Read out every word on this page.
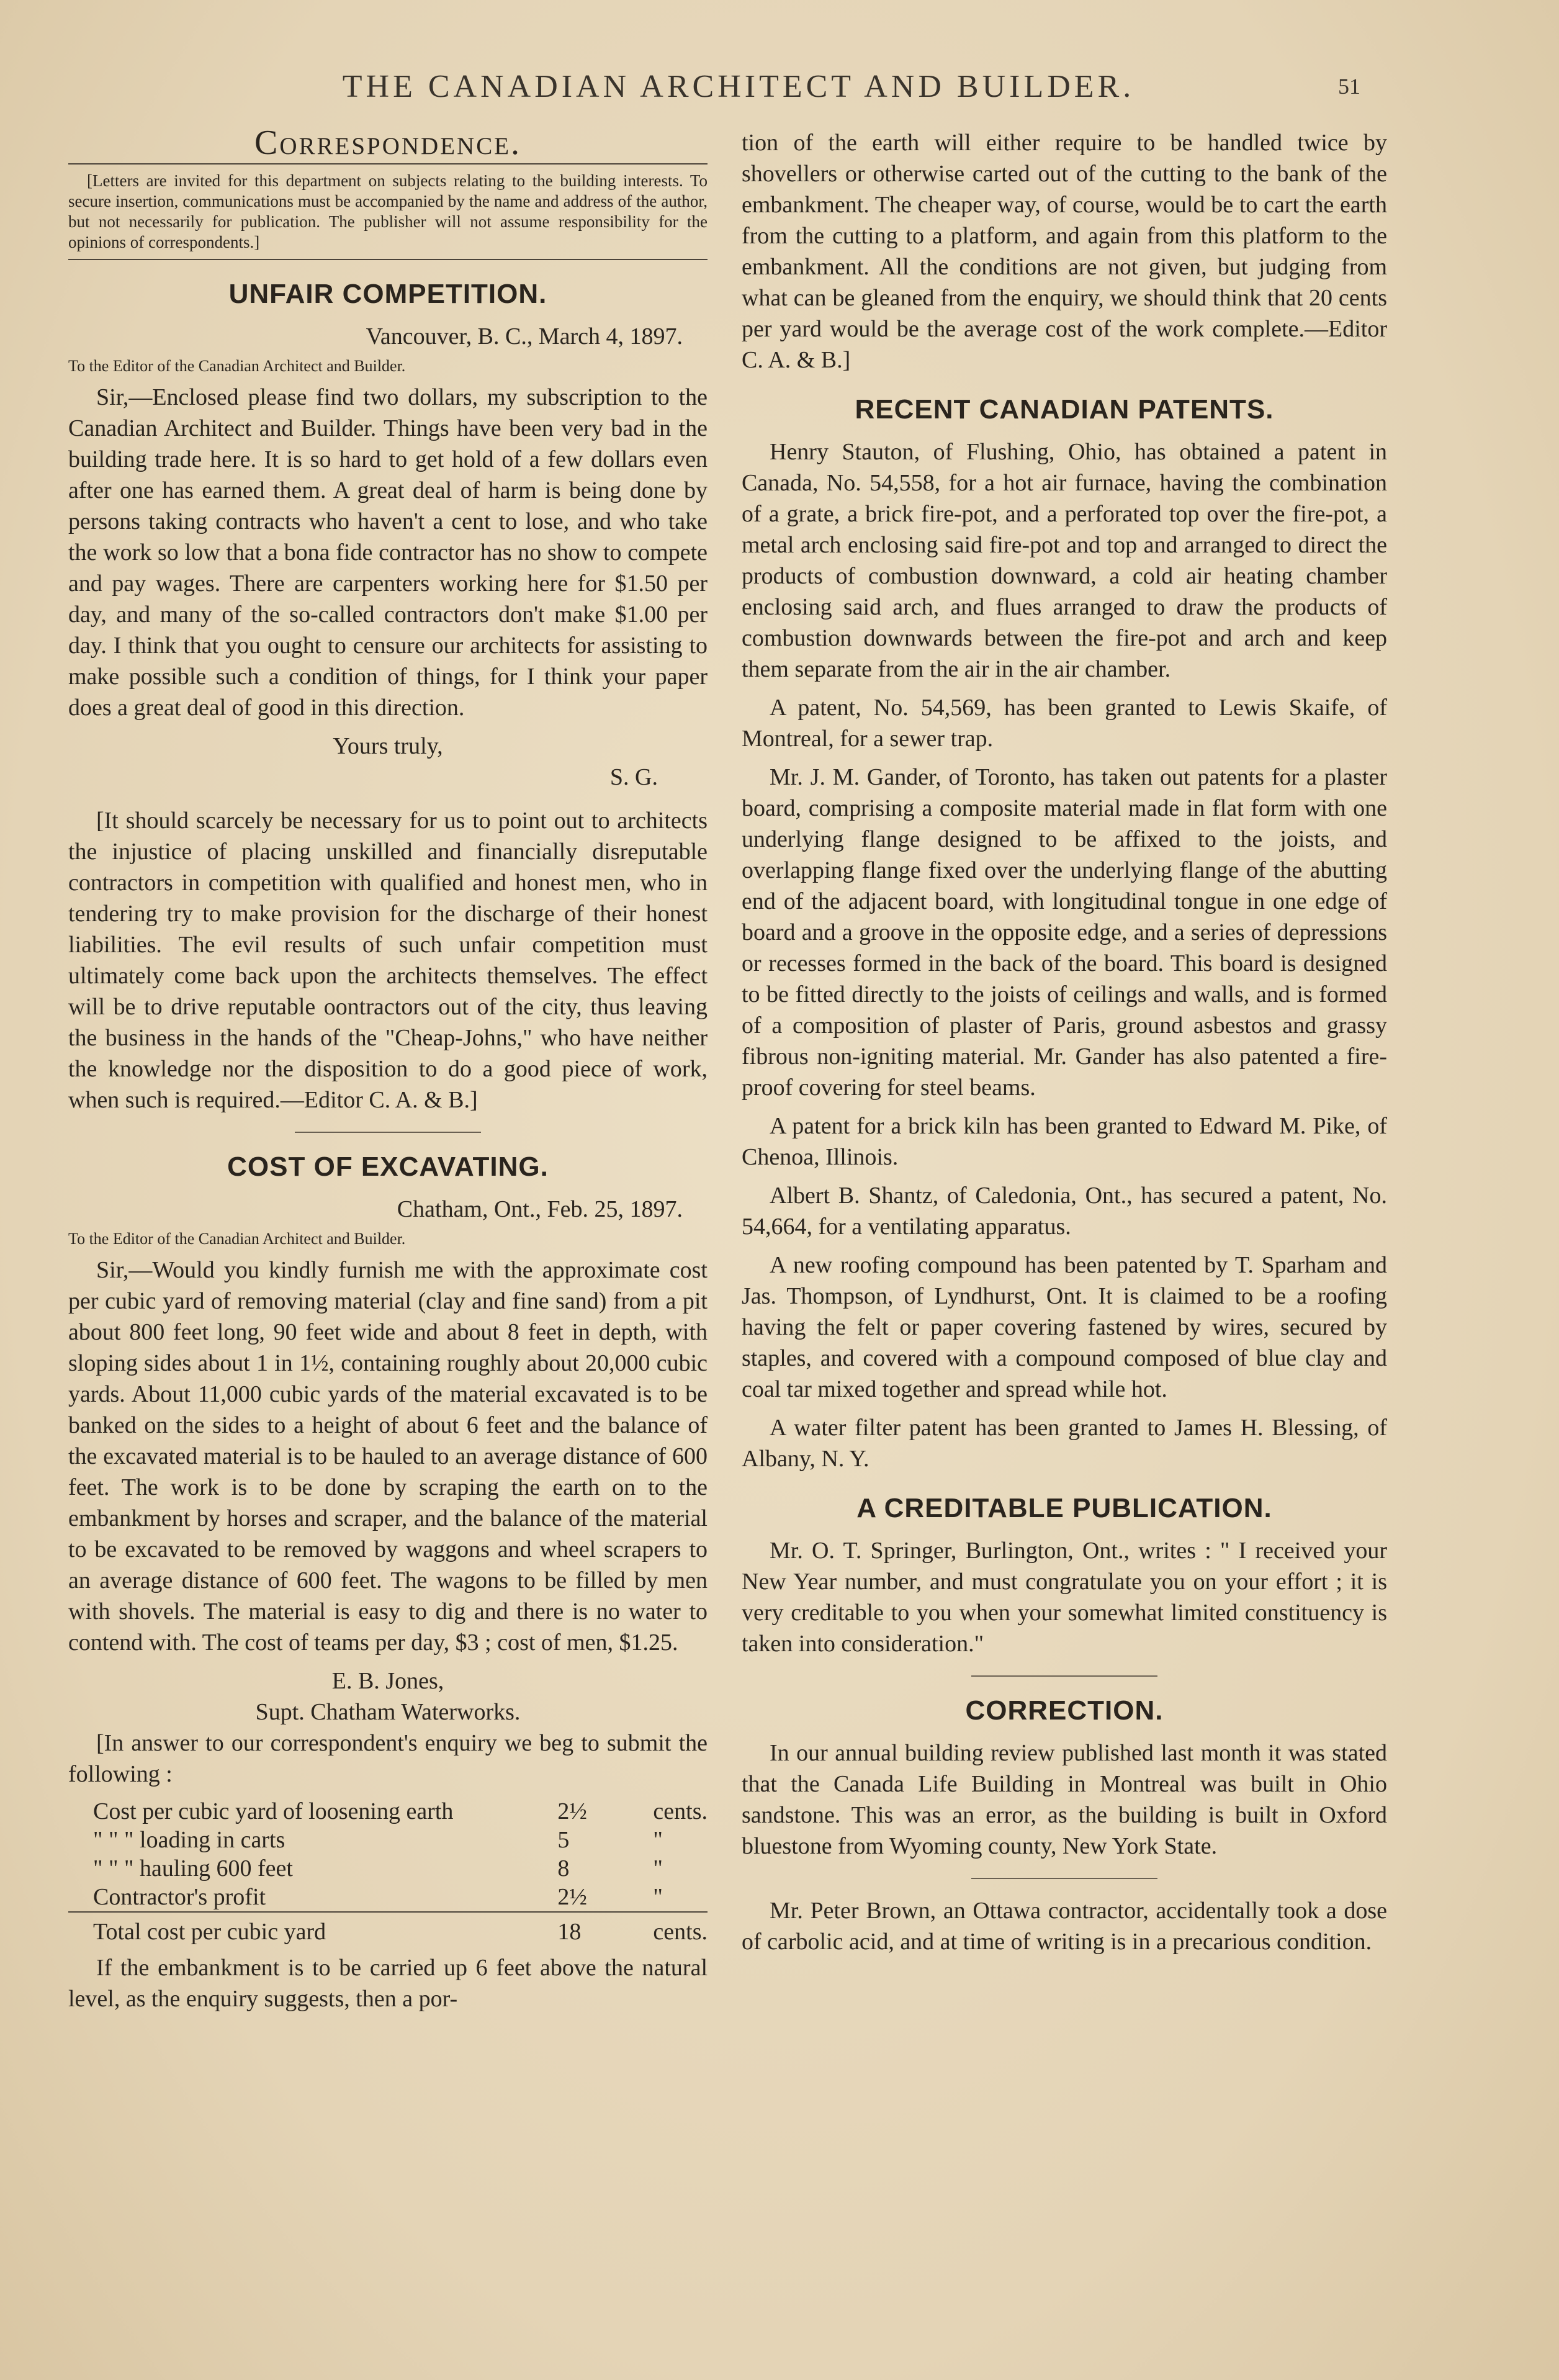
THE CANADIAN ARCHITECT AND BUILDER.	51
Correspondence.
[Letters are invited for this department on subjects relating to the building interests. To secure insertion, communications must be accompanied by the name and address of the author, but not necessarily for publication. The publisher will not assume responsibility for the opinions of correspondents.]
UNFAIR COMPETITION.

Vancouver, B. C., March 4, 1897.

To the Editor of the Canadian Architect and Builder.

Sir,—Enclosed please find two dollars, my subscription to the Canadian Architect and Builder. Things have been very bad in the building trade here. It is so hard to get hold of a few dollars even after one has earned them. A great deal of harm is being done by persons taking contracts who haven't a cent to lose, and who take the work so low that a bona fide contractor has no show to compete and pay wages. There are carpenters working here for $1.50 per day, and many of the so-called contractors don't make $1.00 per day. I think that you ought to censure our architects for assisting to make possible such a condition of things, for I think your paper does a great deal of good in this direction.

Yours truly,

S. G.

[It should scarcely be necessary for us to point out to architects the injustice of placing unskilled and financially disreputable contractors in competition with qualified and honest men, who in tendering try to make provision for the discharge of their honest liabilities. The evil results of such unfair competition must ultimately come back upon the architects themselves. The effect will be to drive reputable oontractors out of the city, thus leaving the business in the hands of the "Cheap-Johns," who have neither the knowledge nor the disposition to do a good piece of work, when such is required.—Editor C. A. & B.]

COST OF EXCAVATING.

Chatham, Ont., Feb. 25, 1897.

To the Editor of the Canadian Architect and Builder.

Sir,—Would you kindly furnish me with the approximate cost per cubic yard of removing material (clay and fine sand) from a pit about 800 feet long, 90 feet wide and about 8 feet in depth, with sloping sides about 1 in 1½, containing roughly about 20,000 cubic yards. About 11,000 cubic yards of the material excavated is to be banked on the sides to a height of about 6 feet and the balance of the excavated material is to be hauled to an average distance of 600 feet. The work is to be done by scraping the earth on to the embankment by horses and scraper, and the balance of the material to be excavated to be removed by waggons and wheel scrapers to an average distance of 600 feet. The wagons to be filled by men with shovels. The material is easy to dig and there is no water to contend with. The cost of teams per day, $3 ; cost of men, $1.25.

E. B. Jones,

Supt. Chatham Waterworks.

[In answer to our correspondent's enquiry we beg to submit the following :

Cost per cubic yard of loosening earth	2½	cents.
" " " loading in carts	5	"
" " " hauling 600 feet	8	"
Contractor's profit	2½	"
Total cost per cubic yard	18	cents.

If the embankment is to be carried up 6 feet above the natural level, as the enquiry suggests, then a por-

tion of the earth will either require to be handled twice by shovellers or otherwise carted out of the cutting to the bank of the embankment. The cheaper way, of course, would be to cart the earth from the cutting to a platform, and again from this platform to the embankment. All the conditions are not given, but judging from what can be gleaned from the enquiry, we should think that 20 cents per yard would be the average cost of the work complete.—Editor C. A. & B.]

RECENT CANADIAN PATENTS.

Henry Stauton, of Flushing, Ohio, has obtained a patent in Canada, No. 54,558, for a hot air furnace, having the combination of a grate, a brick fire-pot, and a perforated top over the fire-pot, a metal arch enclosing said fire-pot and top and arranged to direct the products of combustion downward, a cold air heating chamber enclosing said arch, and flues arranged to draw the products of combustion downwards between the fire-pot and arch and keep them separate from the air in the air chamber.

A patent, No. 54,569, has been granted to Lewis Skaife, of Montreal, for a sewer trap.

Mr. J. M. Gander, of Toronto, has taken out patents for a plaster board, comprising a composite material made in flat form with one underlying flange designed to be affixed to the joists, and overlapping flange fixed over the underlying flange of the abutting end of the adjacent board, with longitudinal tongue in one edge of board and a groove in the opposite edge, and a series of depressions or recesses formed in the back of the board. This board is designed to be fitted directly to the joists of ceilings and walls, and is formed of a composition of plaster of Paris, ground asbestos and grassy fibrous non-igniting material. Mr. Gander has also patented a fire-proof covering for steel beams.

A patent for a brick kiln has been granted to Edward M. Pike, of Chenoa, Illinois.

Albert B. Shantz, of Caledonia, Ont., has secured a patent, No. 54,664, for a ventilating apparatus.

A new roofing compound has been patented by T. Sparham and Jas. Thompson, of Lyndhurst, Ont. It is claimed to be a roofing having the felt or paper covering fastened by wires, secured by staples, and covered with a compound composed of blue clay and coal tar mixed together and spread while hot.

A water filter patent has been granted to James H. Blessing, of Albany, N. Y.

A CREDITABLE PUBLICATION.

Mr. O. T. Springer, Burlington, Ont., writes : " I received your New Year number, and must congratulate you on your effort ; it is very creditable to you when your somewhat limited constituency is taken into consideration."

CORRECTION.

In our annual building review published last month it was stated that the Canada Life Building in Montreal was built in Ohio sandstone. This was an error, as the building is built in Oxford bluestone from Wyoming county, New York State.

Mr. Peter Brown, an Ottawa contractor, accidentally took a dose of carbolic acid, and at time of writing is in a precarious condition.
